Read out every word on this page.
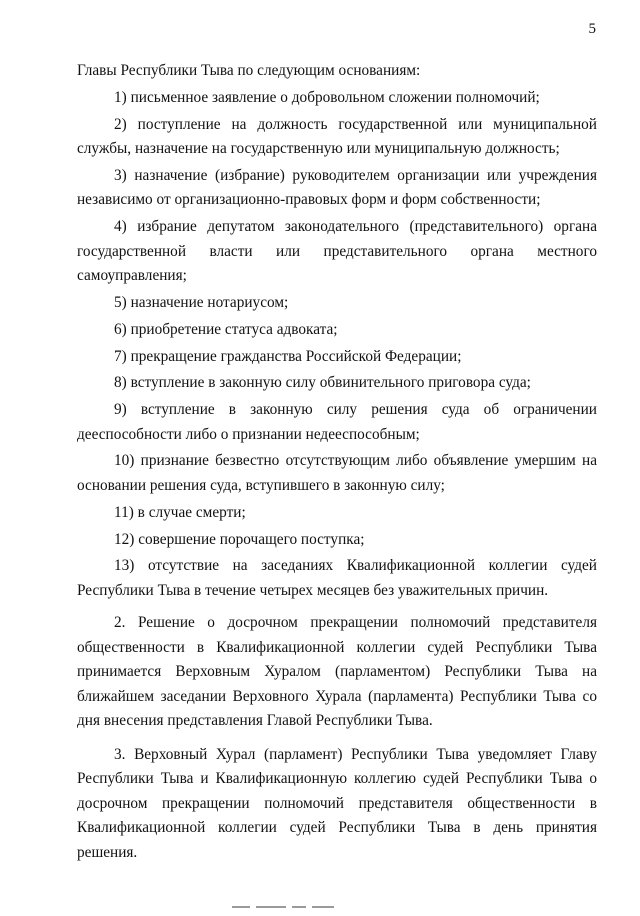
5

Главы Республики Тыва по следующим основаниям:

1) письменное заявление о добровольном сложении полномочий;

2) поступление на должность государственной или муниципальной службы, назначение на государственную или муниципальную должность;

3) назначение (избрание) руководителем организации или учреждения независимо от организационно-правовых форм и форм собственности;

4) избрание депутатом законодательного (представительного) органа государственной власти или представительного органа местного самоуправления;

5) назначение нотариусом;

6) приобретение статуса адвоката;

7) прекращение гражданства Российской Федерации;

8) вступление в законную силу обвинительного приговора суда;

9) вступление в законную силу решения суда об ограничении дееспособности либо о признании недееспособным;

10) признание безвестно отсутствующим либо объявление умершим на основании решения суда, вступившего в законную силу;

11) в случае смерти;

12) совершение порочащего поступка;

13) отсутствие на заседаниях Квалификационной коллегии судей Республики Тыва в течение четырех месяцев без уважительных причин.

2. Решение о досрочном прекращении полномочий представителя общественности в Квалификационной коллегии судей Республики Тыва принимается Верховным Хуралом (парламентом) Республики Тыва на ближайшем заседании Верховного Хурала (парламента) Республики Тыва со дня внесения представления Главой Республики Тыва.

3. Верховный Хурал (парламент) Республики Тыва уведомляет Главу Республики Тыва и Квалификационную коллегию судей Республики Тыва о досрочном прекращении полномочий представителя общественности в Квалификационной коллегии судей Республики Тыва в день принятия решения.
